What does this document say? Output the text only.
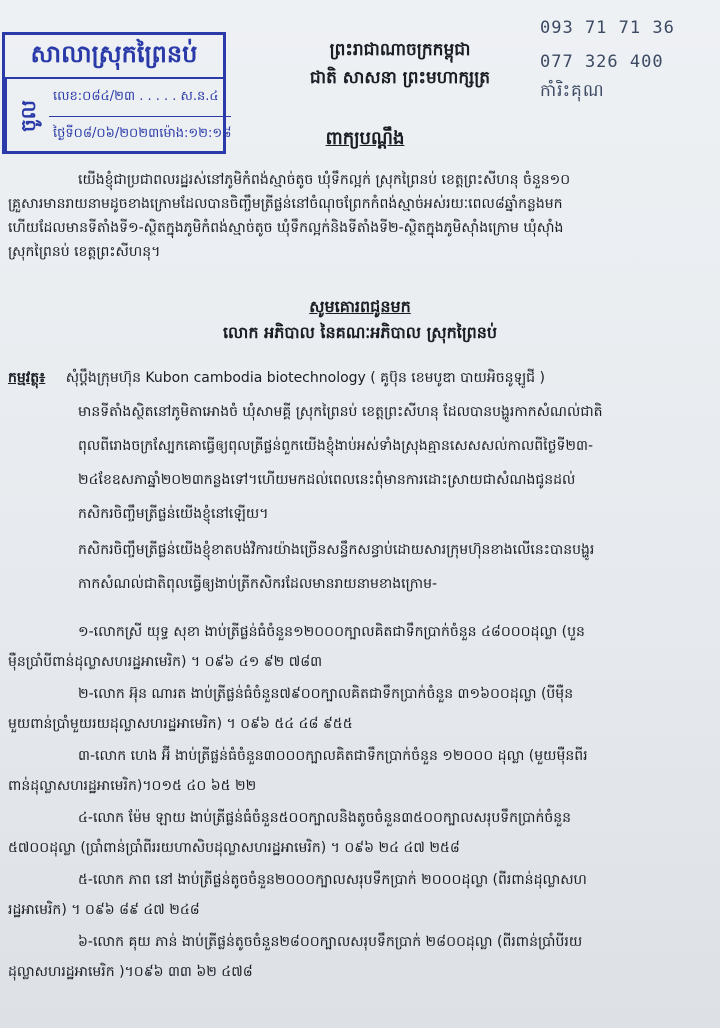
សាលាស្រុកព្រៃនប់
ចូល
លេខ:០៨៤/២៣ . . . . . ស.ន.៤
ថ្ងៃទី០៨/០៦/២០២៣ម៉ោង:១២:១៨
093 71 71 36
077 326 400
កាំរិះគុណ
ព្រះរាជាណាចក្រកម្ពុជា
ជាតិ សាសនា ព្រះមហាក្សត្រ
ពាក្យបណ្តឹង
យើងខ្ញុំជាប្រជាពលរដ្ឋរស់នៅភូមិកំពង់ស្មាច់តូច ឃុំទឹកល្អក់ ស្រុកព្រៃនប់ ខេត្តព្រះសីហនុ ចំនួន១០
គ្រួសារមានរាយនាមដូចខាងក្រោមដែលបានចិញ្ចឹមត្រីផ្លន់នៅចំណុចព្រែកកំពង់ស្មាច់អស់រយៈពេល៨ឆ្នាំកន្លងមក
ហើយដែលមានទីតាំងទី១-ស្ថិតក្នុងភូមិកំពង់ស្មាច់តូច ឃុំទឹកល្អក់និងទីតាំងទី២-ស្ថិតក្នុងភូមិស៊ាំងក្រោម ឃុំស៊ាំង
ស្រុកព្រៃនប់ ខេត្តព្រះសីហនុ។
សូមគោរពជូនមក
លោក អភិបាល នៃគណៈអភិបាល ស្រុកព្រៃនប់
កម្មវត្ថុ៖ សុំប្តឹងក្រុមហ៊ុន Kubon cambodia biotechnology ( គូប៊ុន ខេមបូឌា បាយអិចនូឡូជី )
មានទីតាំងស្ថិតនៅភូមិតាអោងចំ ឃុំសាមគ្គី ស្រុកព្រៃនប់ ខេត្តព្រះសីហនុ ដែលបានបង្ហូរកាកសំណល់ជាតិ
ពុលពីរោងចក្រស្បែកគោធ្វើឲ្យពុលត្រីផ្លន់ពួកយើងខ្ញុំងាប់អស់ទាំងស្រុងគ្មានសេសសល់កាលពីថ្ងៃទី២៣-
២៤ខែឧសភាឆ្នាំ២០២៣កន្លងទៅ។ហើយមកដល់ពេលនេះពុំមានការដោះស្រាយជាសំណងជូនដល់
កសិករចិញ្ចឹមត្រីផ្លន់យើងខ្ញុំនៅឡើយ។
កសិករចិញ្ចឹមត្រីផ្លន់យើងខ្ញុំខាតបង់វិការយ៉ាងច្រើនសន្ធឹកសន្ធាប់ដោយសារក្រុមហ៊ុនខាងលើនេះបានបង្ហូរ
កាកសំណល់ជាតិពុលធ្វើឲ្យងាប់ត្រីកសិករដែលមានរាយនាមខាងក្រោម-
១-លោកស្រី យុទ្ធ សុខា ងាប់ត្រីផ្លន់ធំចំនួន១២០០០ក្បាលគិតជាទឹកប្រាក់ចំនួន ៤៨០០០ដុល្លា (បួន
ម៉ឺនប្រាំបីពាន់ដុល្លាសហរដ្ឋអាមេរិក) ។ ០៩៦ ៤១ ៩២ ៧៨៣
២-លោក អ៊ុន ណារត ងាប់ត្រីផ្លន់ធំចំនួន៧៩០០ក្បាលគិតជាទឹកប្រាក់ចំនួន ៣១៦០០ដុល្លា (បីម៉ឺន
មួយពាន់ប្រាំមួយរយដុល្លាសហរដ្ឋអាមេរិក) ។ ០៩៦ ៥៤ ៤៨ ៩៥៥
៣-លោក ហេង អ៊ី ងាប់ត្រីផ្លន់ធំចំនួន៣០០០ក្បាលគិតជាទឹកប្រាក់ចំនួន ១២០០០ ដុល្លា (មួយម៉ឺនពីរ
ពាន់ដុល្លាសហរដ្ឋអាមេរិក)។០១៥ ៤០ ៦៥ ២២
៤-លោក ម៉ែម ឡាយ ងាប់ត្រីផ្លន់ធំចំនួន៥០០ក្បាលនិងតូចចំនួន៣៥០០ក្បាលសរុបទឹកប្រាក់ចំនួន
៥៧០០ដុល្លា (ប្រាំពាន់ប្រាំពីររយហាសិបដុល្លាសហរដ្ឋអាមេរិក) ។ ០៩៦ ២៤ ៤៧ ២៥៨
៥-លោក ភាព នៅ ងាប់ត្រីផ្លន់តូចចំនួន២០០០ក្បាលសរុបទឹកប្រាក់ ២០០០ដុល្លា (ពីរពាន់ដុល្លាសហ
រដ្ឋអាមេរិក) ។ ០៩៦ ៨៩ ៤៧ ២៤៨
៦-លោក គុយ ភាន់ ងាប់ត្រីផ្លន់តូចចំនួន២៨០០ក្បាលសរុបទឹកប្រាក់ ២៨០០ដុល្លា (ពីរពាន់ប្រាំបីរយ
ដុល្លាសហរដ្ឋអាមេរិក )។០៩៦ ៣៣ ៦២ ៤៧៨
